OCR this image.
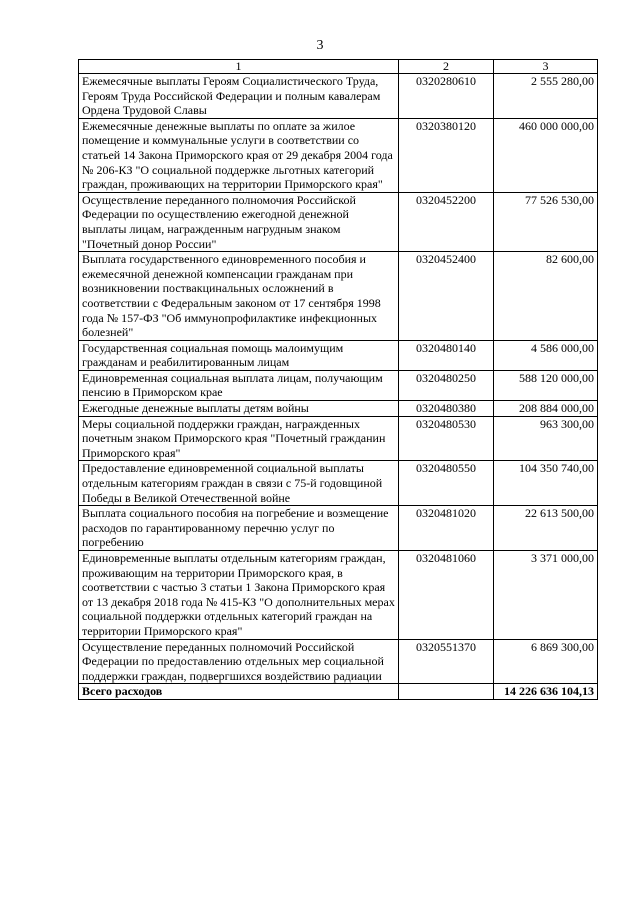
3
1	2	3
Ежемесячные выплаты Героям Социалистического Труда, Героям Труда Российской Федерации и полным кавалерам Ордена Трудовой Славы	0320280610	2 555 280,00
Ежемесячные денежные выплаты по оплате за жилое помещение и коммунальные услуги в соответствии со статьей 14 Закона Приморского края от 29 декабря 2004 года № 206-КЗ "О социальной поддержке льготных категорий граждан, проживающих на территории Приморского края"	0320380120	460 000 000,00
Осуществление переданного полномочия Российской Федерации по осуществлению ежегодной денежной выплаты лицам, награжденным нагрудным знаком "Почетный донор России"	0320452200	77 526 530,00
Выплата государственного единовременного пособия и ежемесячной денежной компенсации гражданам при возникновении поствакцинальных осложнений в соответствии с Федеральным законом от 17 сентября 1998 года № 157-ФЗ "Об иммунопрофилактике инфекционных болезней"	0320452400	82 600,00
Государственная социальная помощь малоимущим гражданам и реабилитированным лицам	0320480140	4 586 000,00
Единовременная социальная выплата лицам, получающим пенсию в Приморском крае	0320480250	588 120 000,00
Ежегодные денежные выплаты детям войны	0320480380	208 884 000,00
Меры социальной поддержки граждан, награжденных почетным знаком Приморского края "Почетный гражданин Приморского края"	0320480530	963 300,00
Предоставление единовременной социальной выплаты отдельным категориям граждан в связи с 75-й годовщиной Победы в Великой Отечественной войне	0320480550	104 350 740,00
Выплата социального пособия на погребение и возмещение расходов по гарантированному перечню услуг по погребению	0320481020	22 613 500,00
Единовременные выплаты отдельным категориям граждан, проживающим на территории Приморского края, в соответствии с частью 3 статьи 1 Закона Приморского края от 13 декабря 2018 года № 415-КЗ "О дополнительных мерах социальной поддержки отдельных категорий граждан на территории Приморского края"	0320481060	3 371 000,00
Осуществление переданных полномочий Российской Федерации по предоставлению отдельных мер социальной поддержки граждан, подвергшихся воздействию радиации	0320551370	6 869 300,00
Всего расходов		14 226 636 104,13
